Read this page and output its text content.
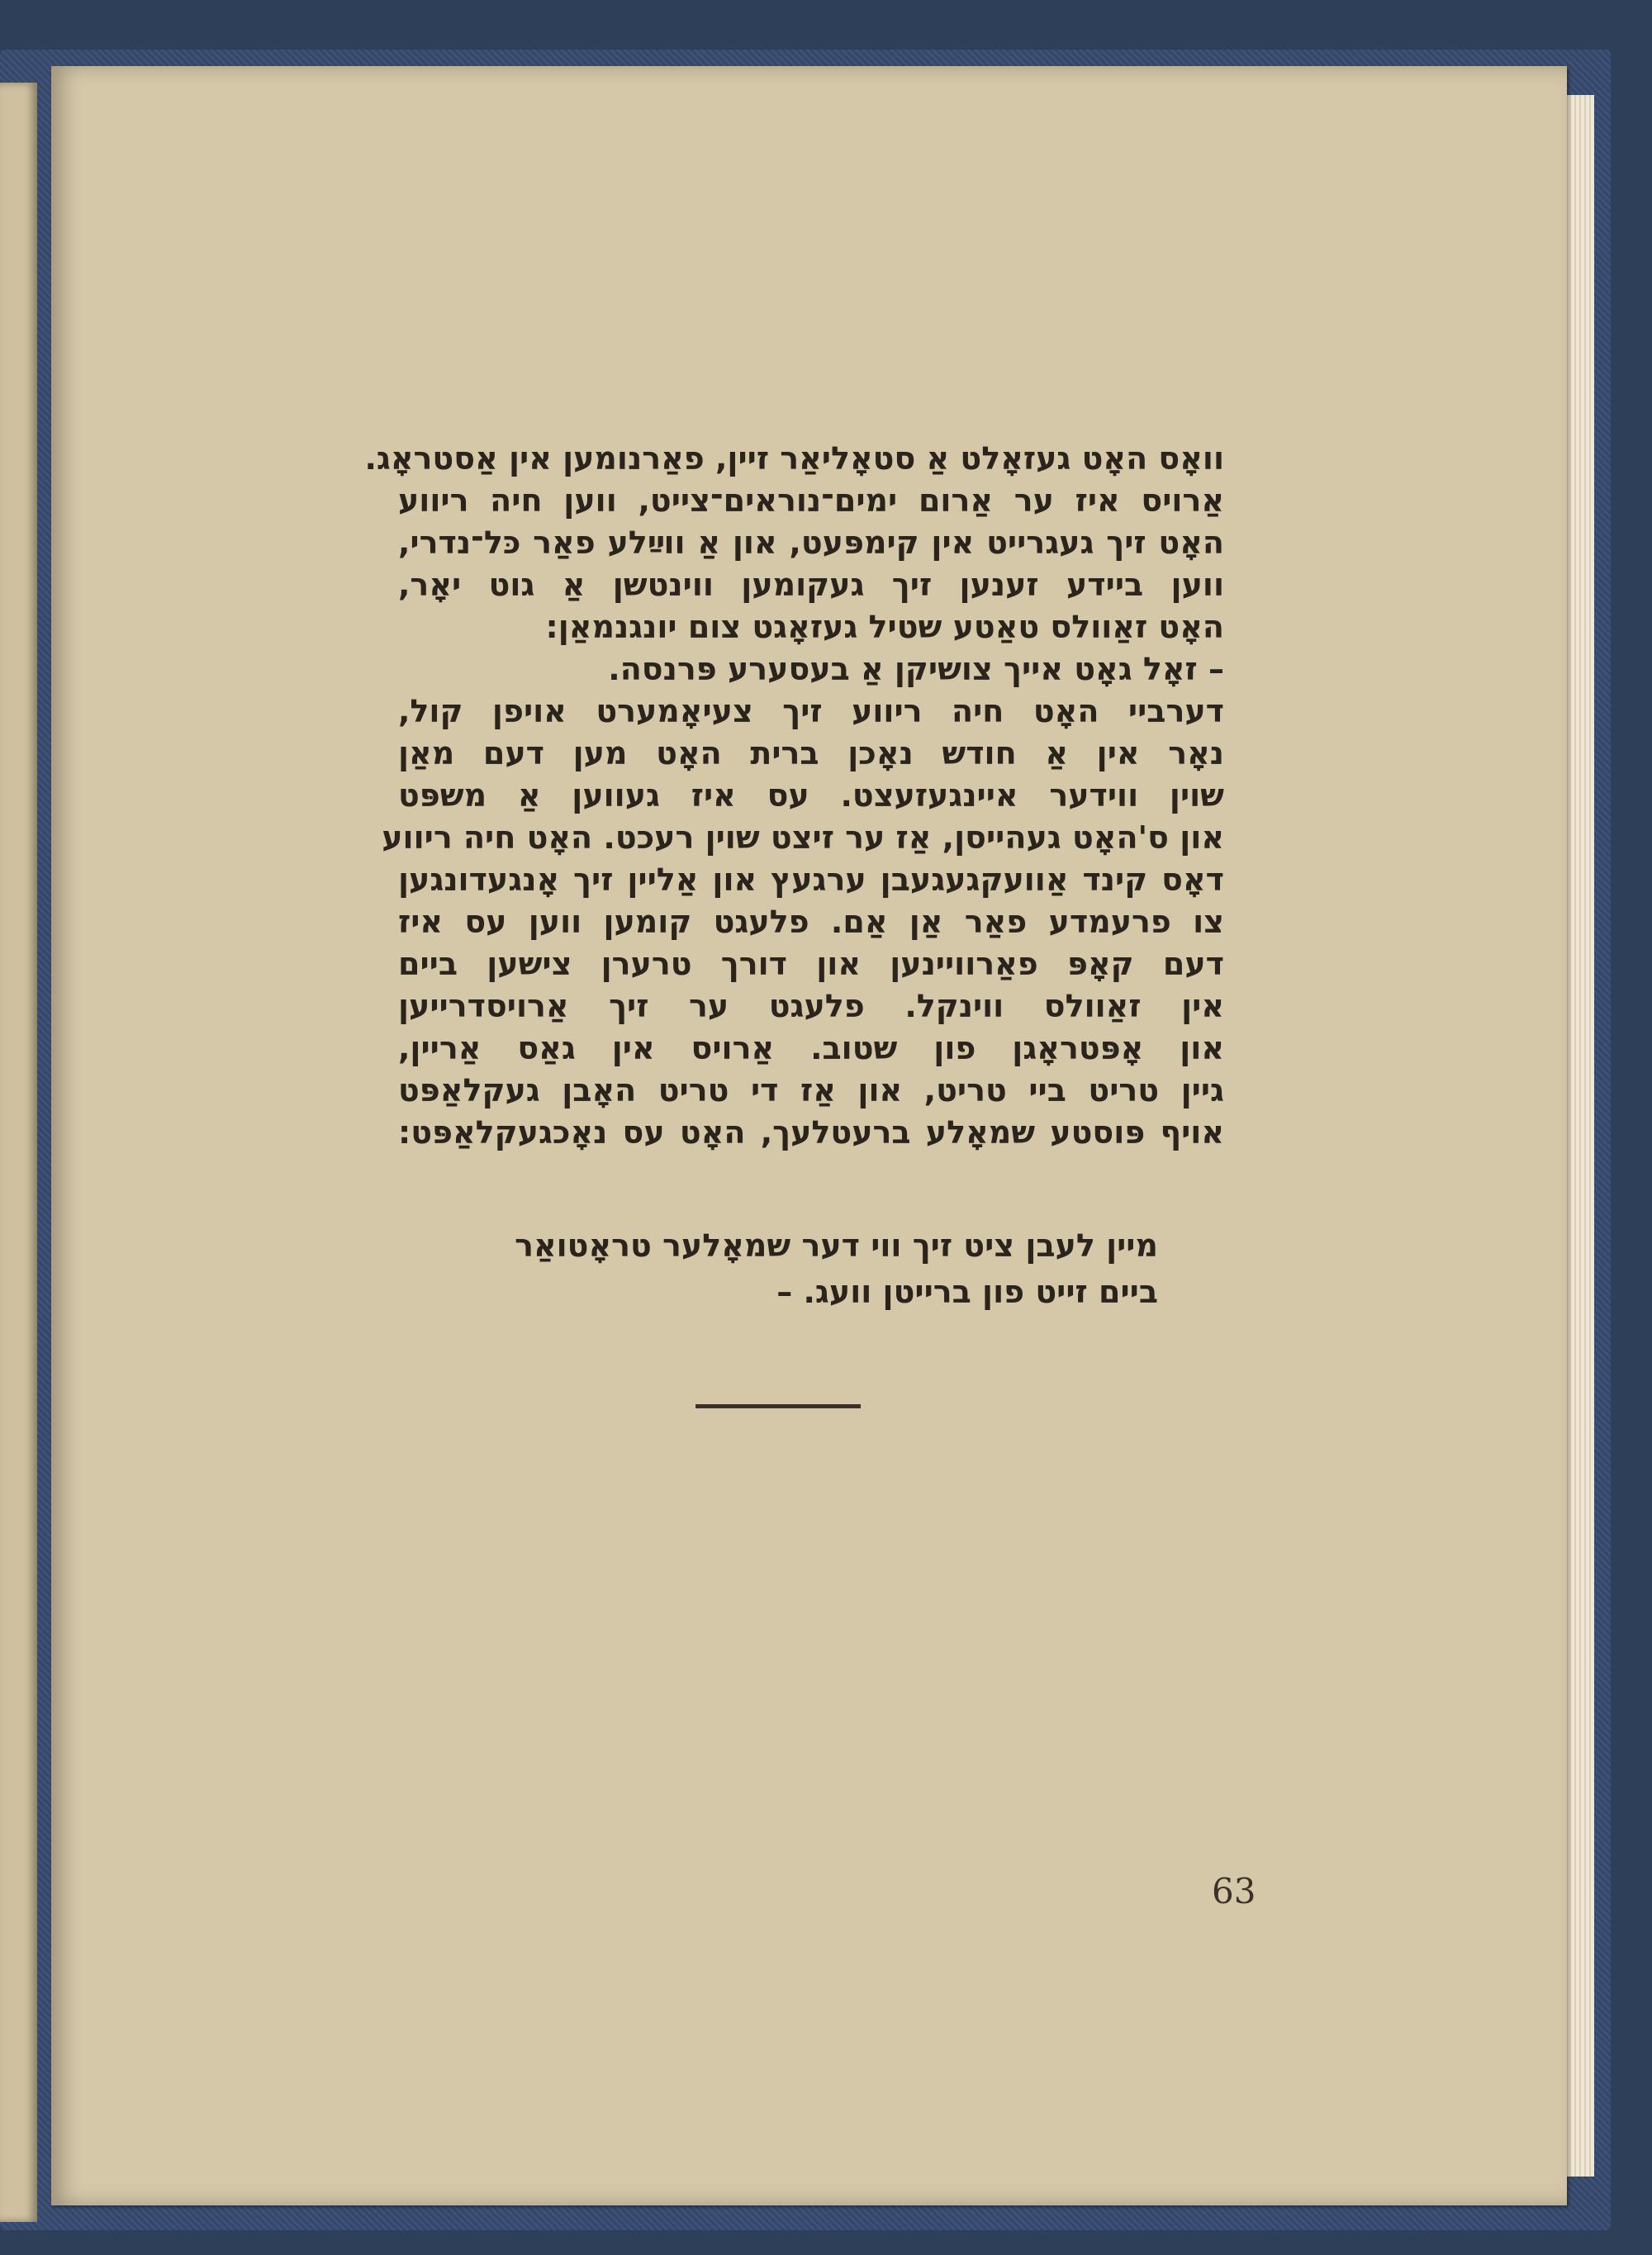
וואָס האָט געזאָלט אַ סטאָליאַר זיין, פאַרנומען אין אַסטראָג.
אַרויס איז ער אַרום ימים־נוראים־צייט, ווען חיה ריווע
האָט זיך געגרייט אין קימפּעט, און אַ ווײַלע פאַר כּל־נדרי,
ווען ביידע זענען זיך געקומען ווינטשן אַ גוט יאָר,
האָט זאַוולס טאַטע שטיל געזאָגט צום יונגנמאַן:
– זאָל גאָט אייך צושיקן אַ בעסערע פּרנסה.
דערביי האָט חיה ריווע זיך צעיאָמערט אויפן קול,
נאָר אין אַ חודש נאָכן ברית האָט מען דעם מאַן
שוין ווידער איינגעזעצט. עס איז געווען אַ משפּט
און ס'האָט געהייסן, אַז ער זיצט שוין רעכט. האָט חיה ריווע
דאָס קינד אַוועקגעגעבן ערגעץ און אַליין זיך אָנגעדונגען
צו פרעמדע פאַר אַן אַם. פלעגט קומען ווען עס איז
דעם קאָפּ פאַרוויינען און דורך טרערן צישען ביים
אין זאַוולס ווינקל. פלעגט ער זיך אַרויסדרייען
און אָפּטראָגן פון שטוב. אַרויס אין גאַס אַריין,
גיין טריט ביי טריט, און אַז די טריט האָבן געקלאַפּט
אויף פּוסטע שמאָלע ברעטלעך, האָט עס נאָכגעקלאַפּט:
מיין לעבן ציט זיך ווי דער שמאָלער טראָטואַר
ביים זייט פון ברייטן וועג. –
63
